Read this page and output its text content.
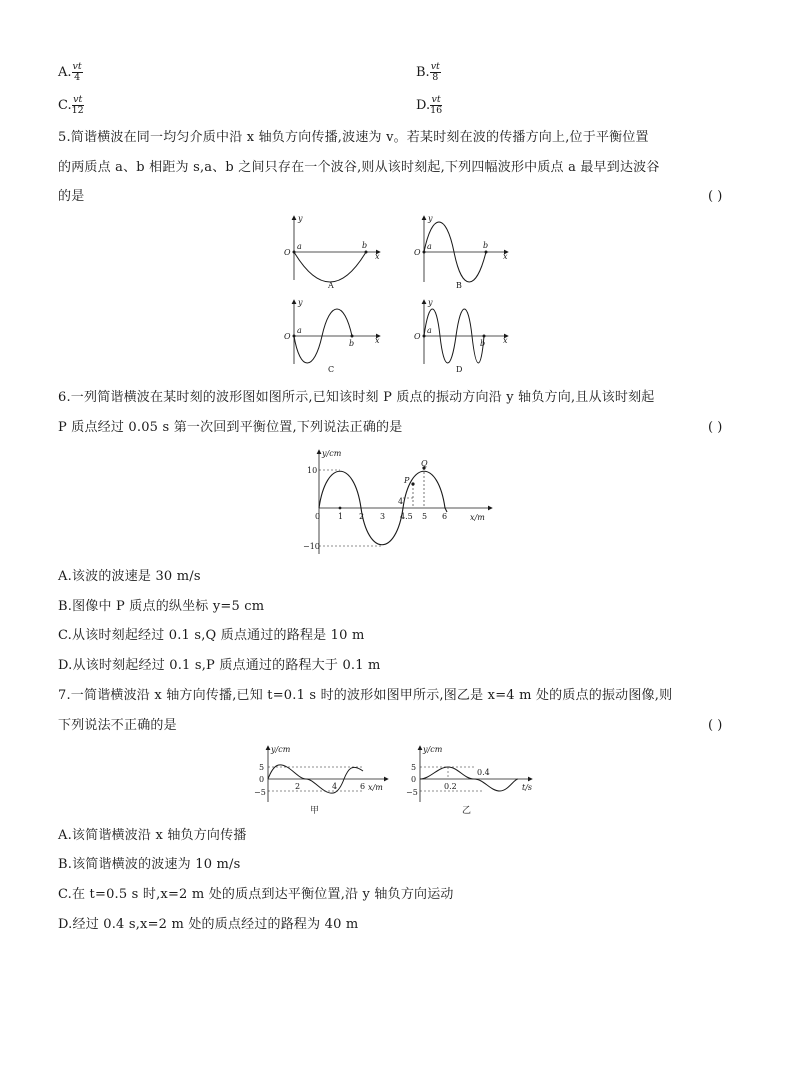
A. $\frac{vt}{4}$	B. $\frac{vt}{8}$
C. $\frac{vt}{12}$	D. $\frac{vt}{16}$
5.简谐横波在同一均匀介质中沿 x 轴负方向传播,波速为 v。若某时刻在波的传播方向上,位于平衡位置
的两质点 a、b 相距为 s,a、b 之间只存在一个波谷,则从该时刻起,下列四幅波形中质点 a 最早到达波谷
的是	( )
y
O
a	b
x
A
y
O
a	b
x
B
y
O
a
b	x
C
y
O
a
b x
D
6.一列简谐横波在某时刻的波形图如图所示,已知该时刻 P 质点的振动方向沿 y 轴负方向,且从该时刻起
P 质点经过 0.05 s 第一次回到平衡位置,下列说法正确的是	( )
y/cm
x/m
10
−10
0 1 2 3 4.5 5 6
4
P
Q
A.该波的波速是 30 m/s
B.图像中 P 质点的纵坐标 y=5 cm
C.从该时刻起经过 0.1 s,Q 质点通过的路程是 10 m
D.从该时刻起经过 0.1 s,P 质点通过的路程大于 0.1 m
7.一简谐横波沿 x 轴方向传播,已知 t=0.1 s 时的波形如图甲所示,图乙是 x=4 m 处的质点的振动图像,则
下列说法不正确的是	( )
y/cm
x/m
5
0
−5
2	4	6
甲
y/cm
t/s
5
0
−5
0.2
0.4
乙
A.该简谐横波沿 x 轴负方向传播
B.该简谐横波的波速为 10 m/s
C.在 t=0.5 s 时,x=2 m 处的质点到达平衡位置,沿 y 轴负方向运动
D.经过 0.4 s,x=2 m 处的质点经过的路程为 40 m
